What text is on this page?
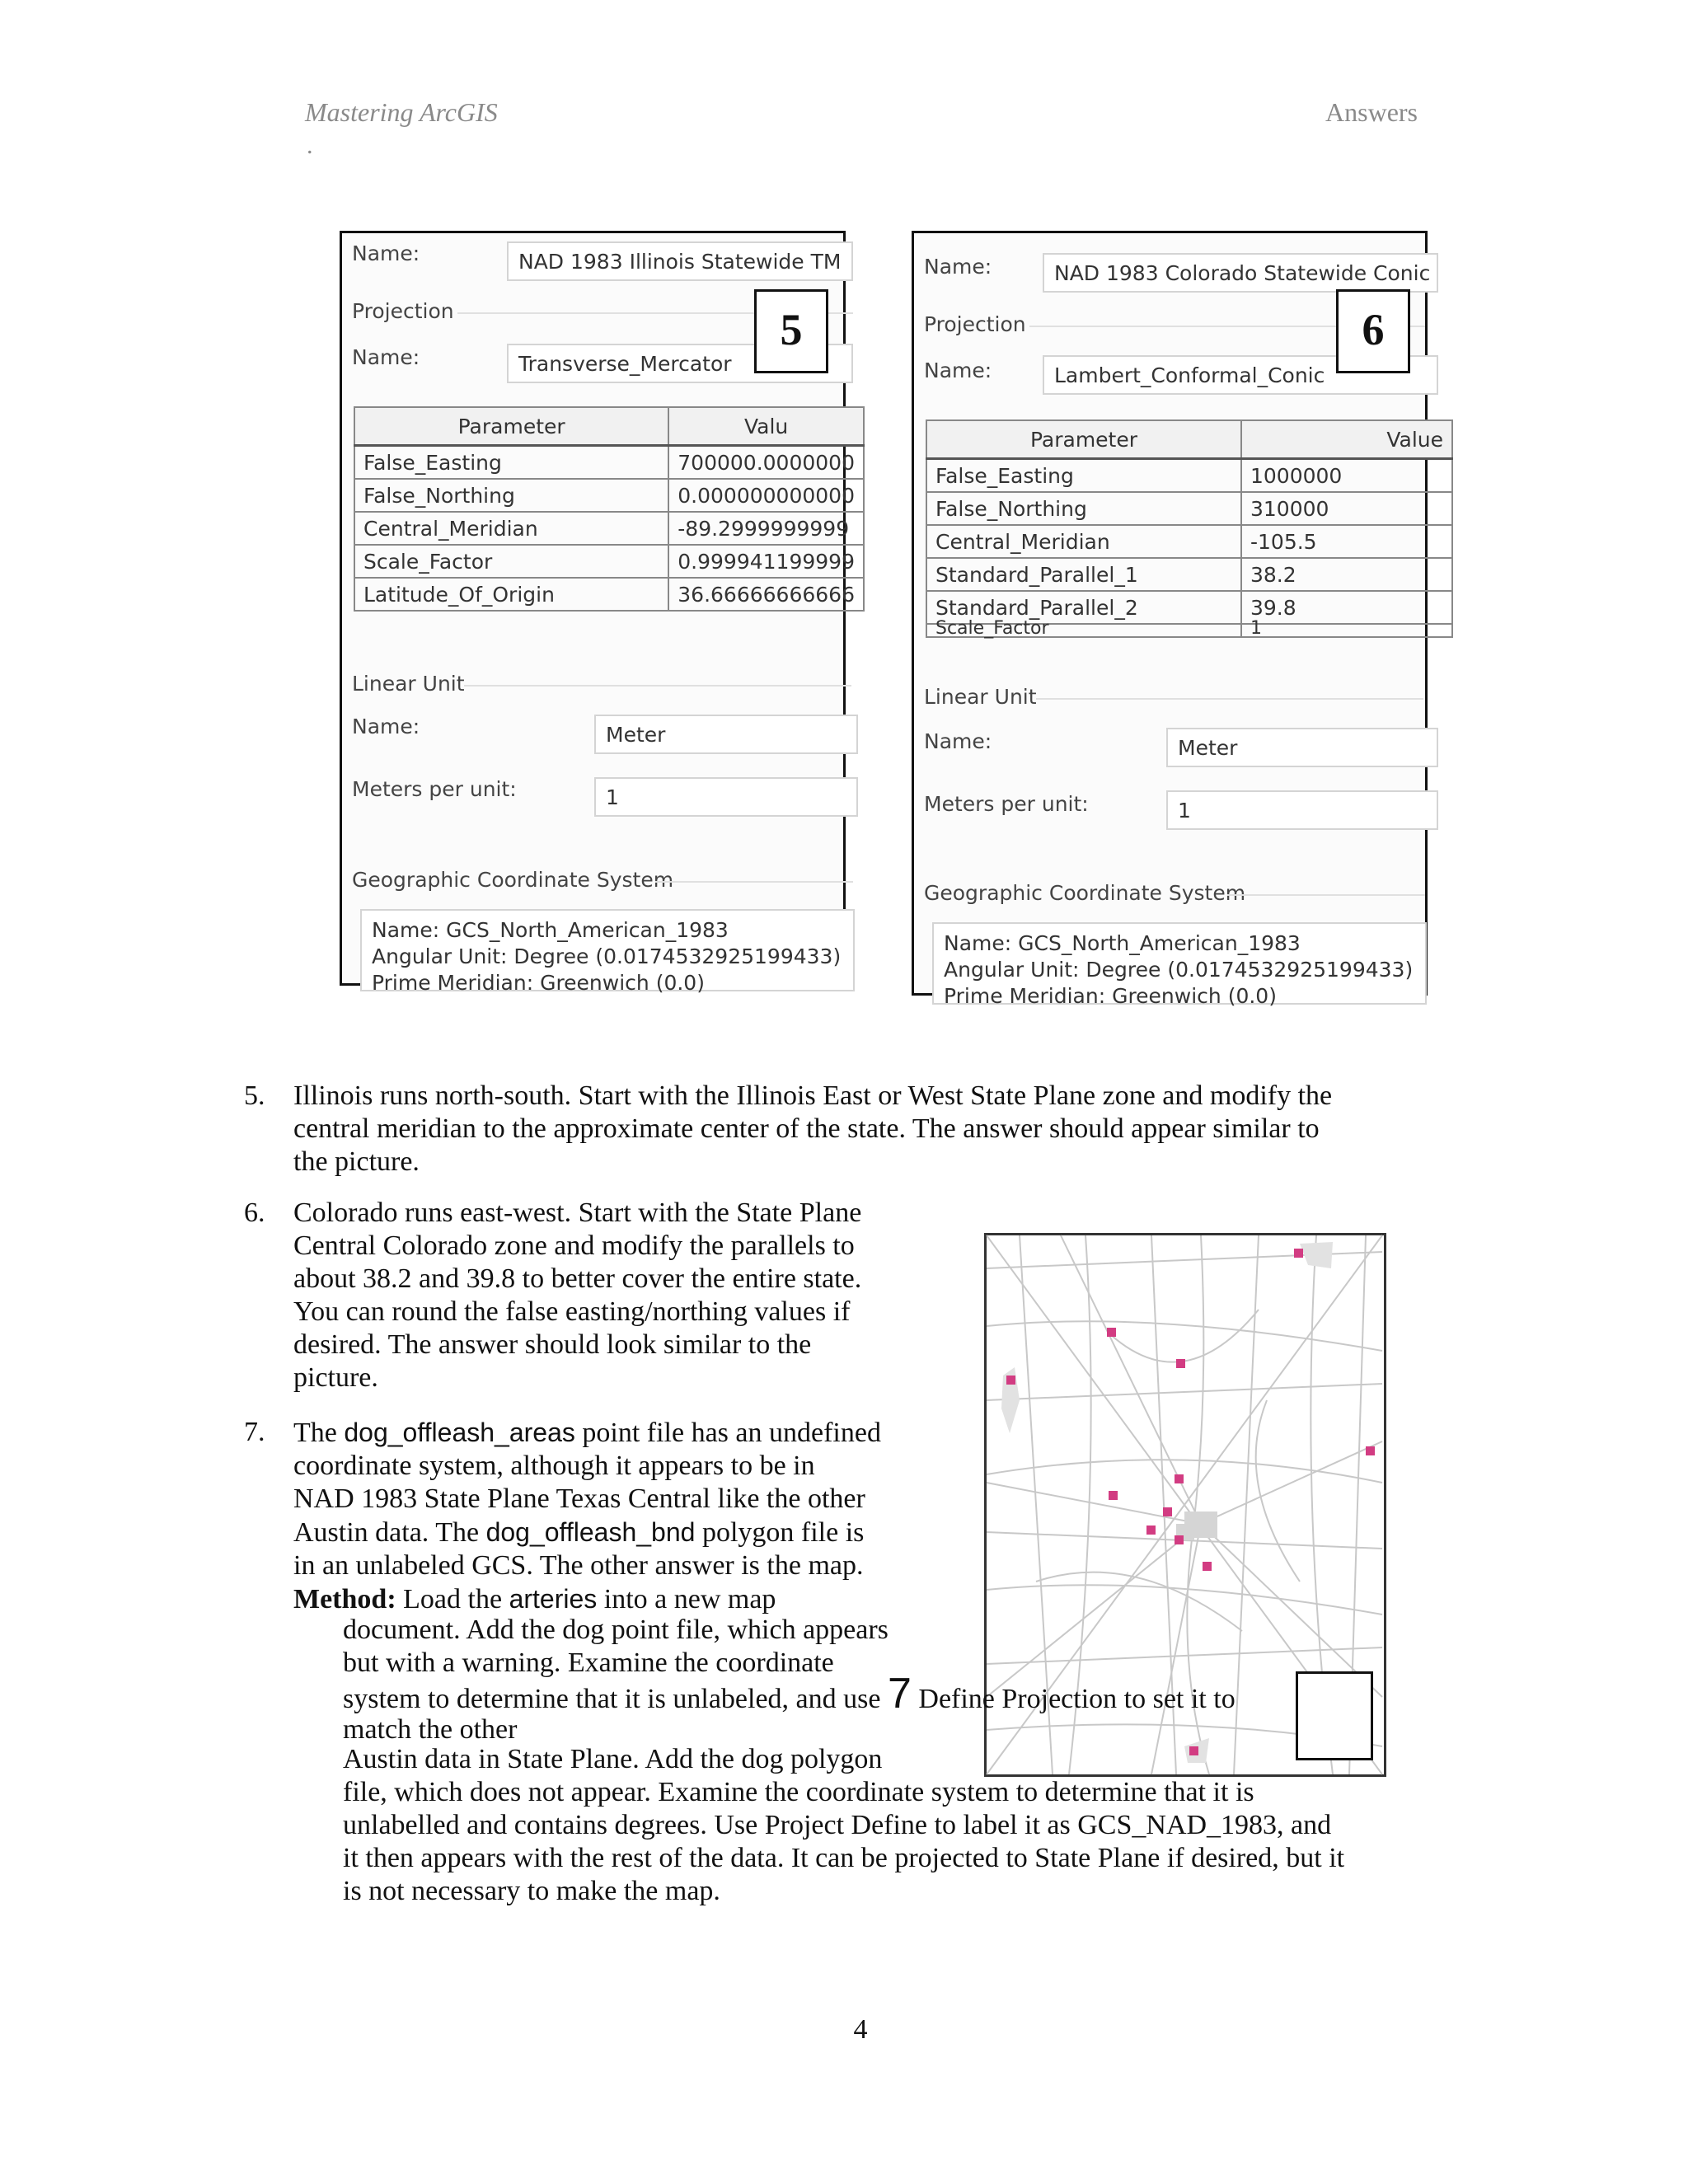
Mastering ArcGIS	Answers
.
Name:	NAD 1983 Illinois Statewide TM
Projection
Name:	Transverse_Mercator
5
Parameter	Valu
False_Easting	700000.0000000
False_Northing	0.000000000000
Central_Meridian	-89.2999999999
Scale_Factor	0.999941199999
Latitude_Of_Origin	36.66666666666
Linear Unit
Name:	Meter
Meters per unit:	1
Geographic Coordinate System
Name: GCS_North_American_1983
Angular Unit: Degree (0.0174532925199433)
Prime Meridian: Greenwich (0.0)
Name:	NAD 1983 Colorado Statewide Conic
Projection
Name:	Lambert_Conformal_Conic
6
Parameter	Value
False_Easting	1000000
False_Northing	310000
Central_Meridian	-105.5
Standard_Parallel_1	38.2
Standard_Parallel_2	39.8
Scale_Factor	1
Linear Unit
Name:	Meter
Meters per unit:	1
Geographic Coordinate System
Name: GCS_North_American_1983
Angular Unit: Degree (0.0174532925199433)
Prime Meridian: Greenwich (0.0)
5. Illinois runs north-south. Start with the Illinois East or West State Plane zone and modify the
central meridian to the approximate center of the state. The answer should appear similar to
the picture.
6. Colorado runs east-west. Start with the State Plane
Central Colorado zone and modify the parallels to
about 38.2 and 39.8 to better cover the entire state.
You can round the false easting/northing values if
desired. The answer should look similar to the
picture.
7. The dog_offleash_areas point file has an undefined
coordinate system, although it appears to be in
NAD 1983 State Plane Texas Central like the other
Austin data. The dog_offleash_bnd polygon file is
in an unlabeled GCS. The other answer is the map.
Method: Load the arteries into a new map
document. Add the dog point file, which appears
but with a warning. Examine the coordinate
system to determine that it is unlabeled, and use 7 Define Projection to set it to
match the other
Austin data in State Plane. Add the dog polygon
file, which does not appear. Examine the coordinate system to determine that it is
unlabelled and contains degrees. Use Project Define to label it as GCS_NAD_1983, and
it then appears with the rest of the data. It can be projected to State Plane if desired, but it
is not necessary to make the map.
4
